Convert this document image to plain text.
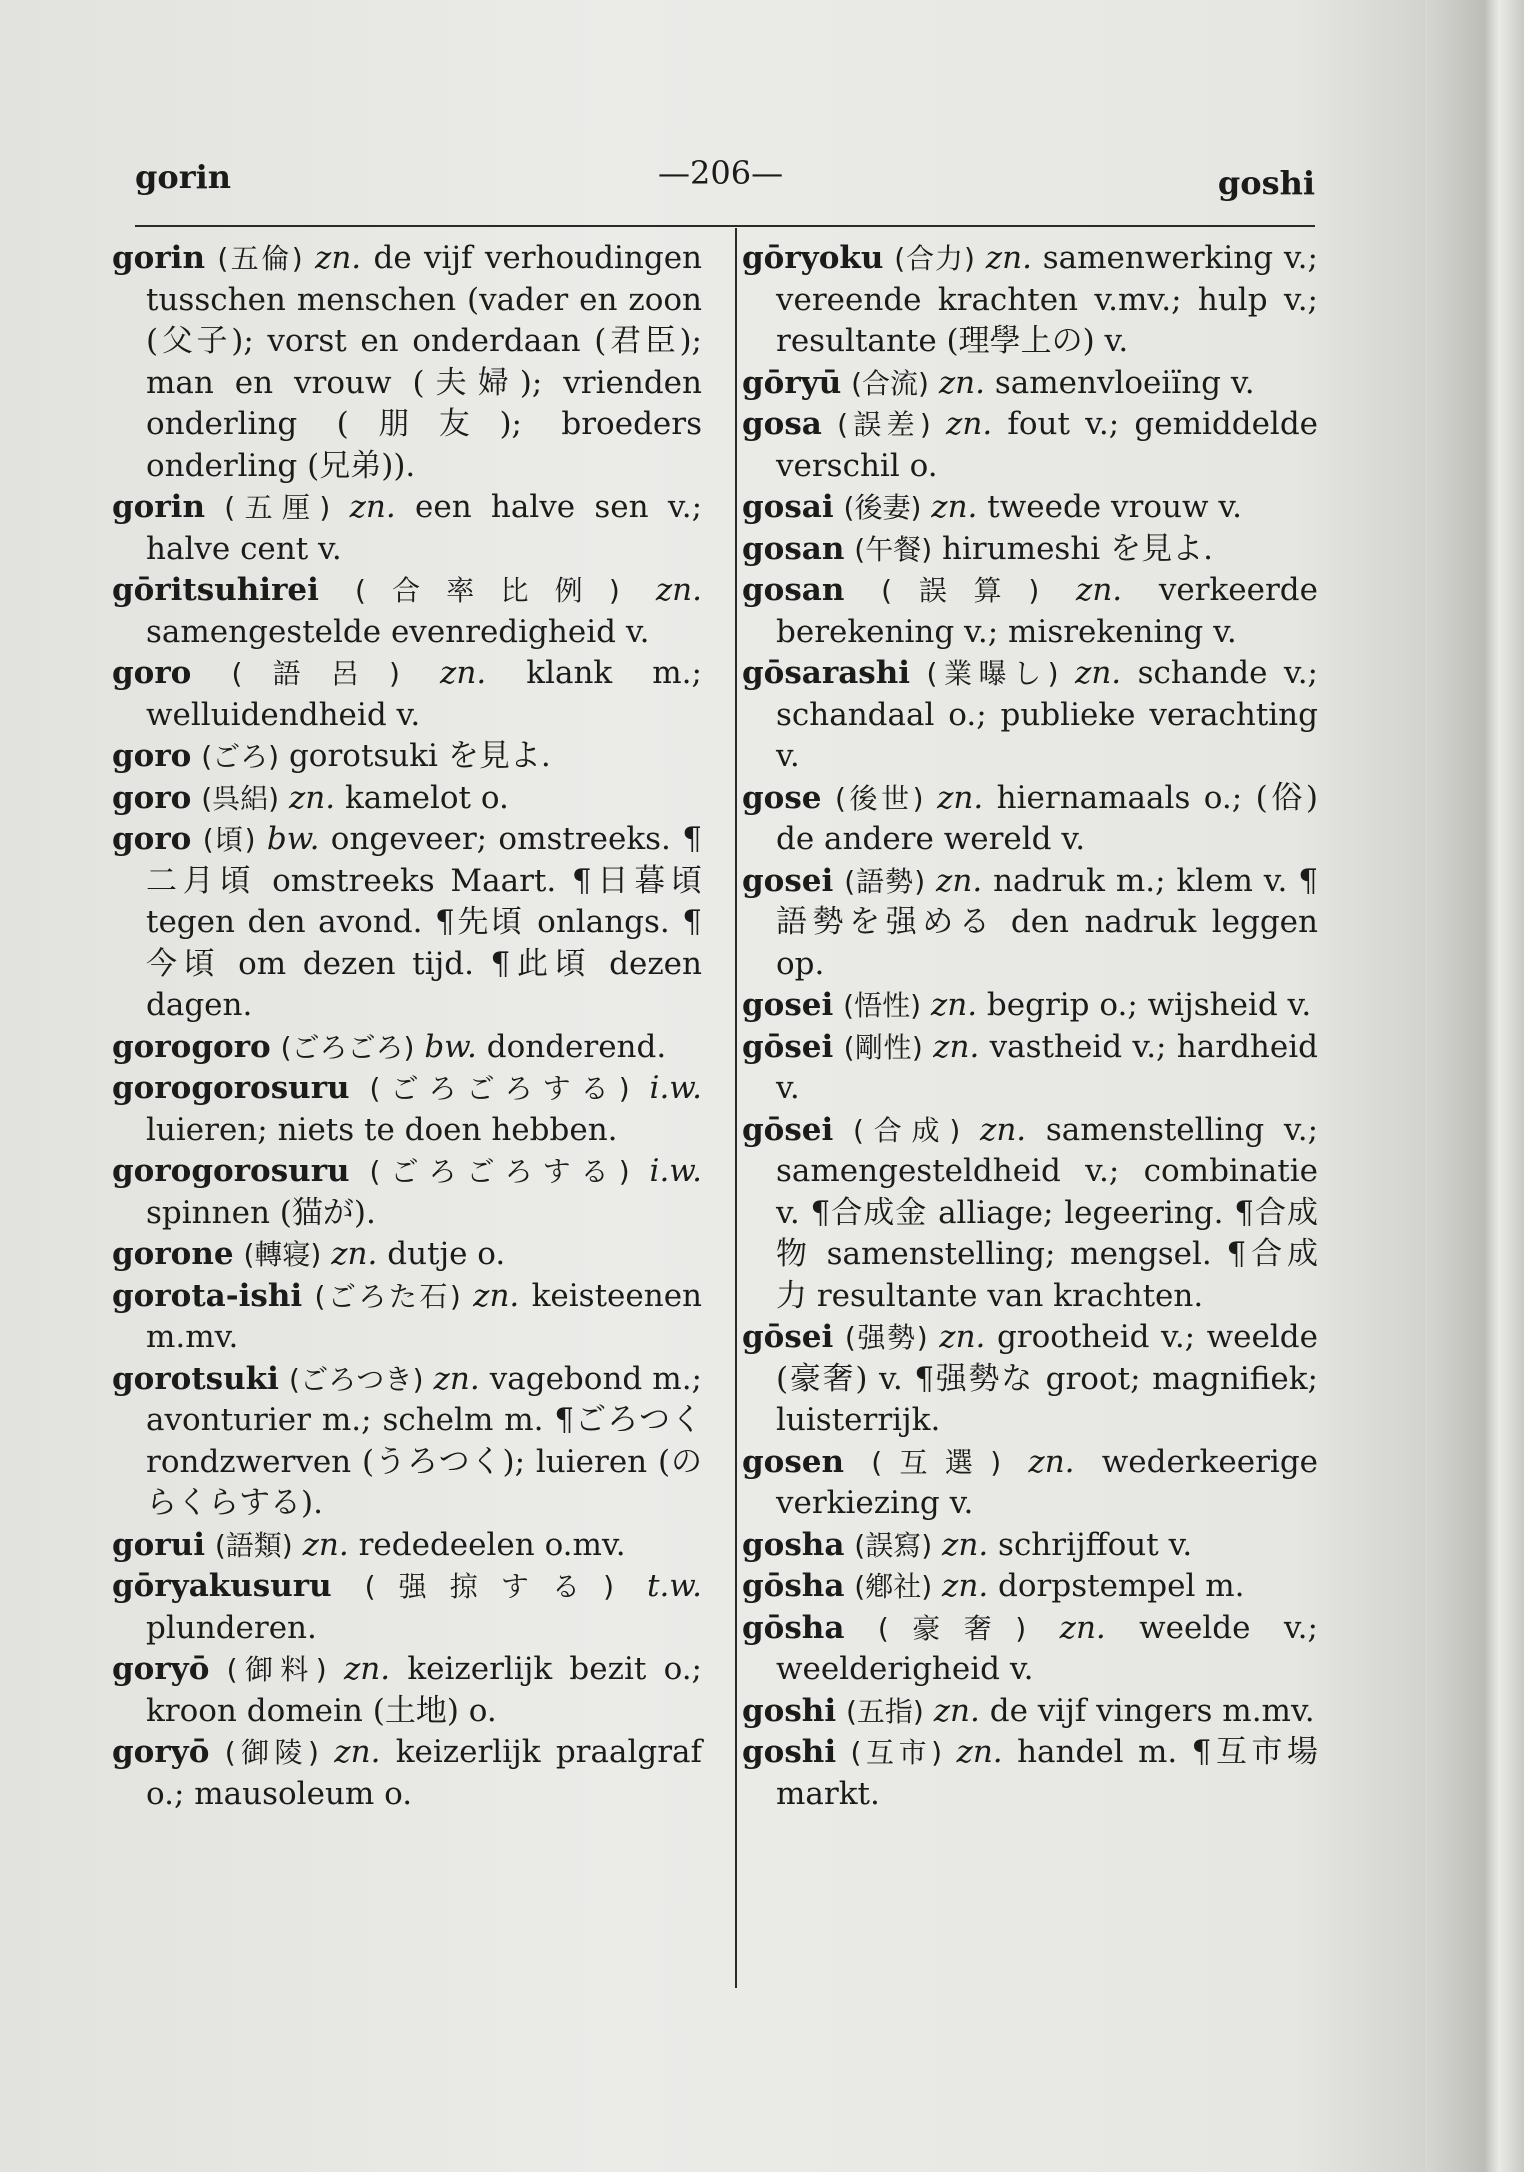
gorin	—206—	goshi

gorin (五倫) zn. de vijf verhoudingen tusschen menschen (vader en zoon (父子); vorst en onderdaan (君臣); man en vrouw (夫婦); vrienden onderling (朋友); broeders onderling (兄弟)).

gorin (五厘) zn. een halve sen v.; halve cent v.

gōritsuhirei (合率比例) zn. samengestelde evenredigheid v.

goro (語呂) zn. klank m.; welluidendheid v.

goro (ごろ) gorotsuki を見よ.

goro (呉絽) zn. kamelot o.

goro (頃) bw. ongeveer; omstreeks. ¶二月頃 omstreeks Maart. ¶日暮頃 tegen den avond. ¶先頃 onlangs. ¶今頃 om dezen tijd. ¶此頃 dezen dagen.

gorogoro (ごろごろ) bw. donderend.

gorogorosuru (ごろごろする) i.w. luieren; niets te doen hebben.

gorogorosuru (ごろごろする) i.w. spinnen (猫が).

gorone (轉寝) zn. dutje o.

gorota-ishi (ごろた石) zn. keisteenen m.mv.

gorotsuki (ごろつき) zn. vagebond m.; avonturier m.; schelm m. ¶ごろつく rondzwerven (うろつく); luieren (のらくらする).

gorui (語類) zn. rededeelen o.mv.

gōryakusuru (强掠する) t.w. plunderen.

goryō (御料) zn. keizerlijk bezit o.; kroon domein (土地) o.

goryō (御陵) zn. keizerlijk praalgraf o.; mausoleum o.

gōryoku (合力) zn. samenwerking v.; vereende krachten v.mv.; hulp v.; resultante (理學上の) v.

gōryū (合流) zn. samenvloeiïng v.

gosa (誤差) zn. fout v.; gemiddelde verschil o.

gosai (後妻) zn. tweede vrouw v.

gosan (午餐) hirumeshi を見よ.

gosan (誤算) zn. verkeerde berekening v.; misrekening v.

gōsarashi (業曝し) zn. schande v.; schandaal o.; publieke verachting v.

gose (後世) zn. hiernamaals o.; (俗) de andere wereld v.

gosei (語勢) zn. nadruk m.; klem v. ¶語勢を强める den nadruk leggen op.

gosei (悟性) zn. begrip o.; wijsheid v.

gōsei (剛性) zn. vastheid v.; hardheid v.

gōsei (合成) zn. samenstelling v.; samengesteldheid v.; combinatie v. ¶合成金 alliage; legeering. ¶合成物 samenstelling; mengsel. ¶合成力 resultante van krachten.

gōsei (强勢) zn. grootheid v.; weelde (豪奢) v. ¶强勢な groot; magnifiek; luisterrijk.

gosen (互選) zn. wederkeerige verkiezing v.

gosha (誤寫) zn. schrijffout v.

gōsha (鄕社) zn. dorpstempel m.

gōsha (豪奢) zn. weelde v.; weelderigheid v.

goshi (五指) zn. de vijf vingers m.mv.

goshi (互市) zn. handel m. ¶互市場 markt.
